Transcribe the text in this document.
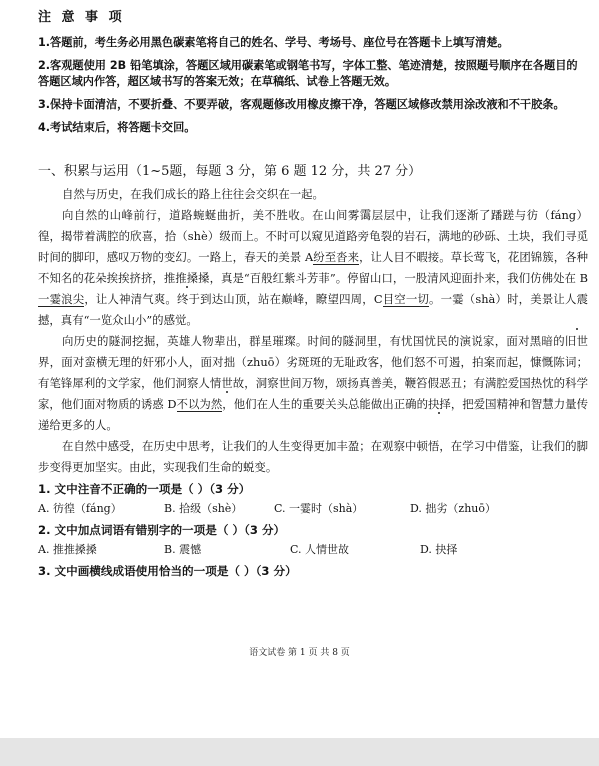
注 意 事 项

1.答题前，考生务必用黑色碳素笔将自己的姓名、学号、考场号、座位号在答题卡上填写清楚。

2.客观题使用 2B 铅笔填涂，答题区域用碳素笔或钢笔书写，字体工整、笔迹清楚，按照题号顺序在各题目的答题区域内作答，超区域书写的答案无效；在草稿纸、试卷上答题无效。

3.保持卡面清洁，不要折叠、不要弄破，客观题修改用橡皮擦干净，答题区域修改禁用涂改液和不干胶条。

4.考试结束后，将答题卡交回。

一、积累与运用（1~5题，每题 3 分，第 6 题 12 分，共 27 分）

自然与历史，在我们成长的路上往往会交织在一起。

向自然的山峰前行，道路蜿蜒曲折，美不胜收。在山间雾霭层层中，让我们逐渐了蹯蹉与彷（fáng）徨，揭带着满腔的欣喜，拾（shè）级而上。不时可以窥见道路旁龟裂的岩石，满地的砂砾、土块，我们寻觅时间的脚印，感叹万物的变幻。一路上，春天的美景 A纷至沓来，让人目不暇接。草长莺飞，花团锦簇，各种不知名的花朵挨挨挤挤，推推搡搡，真是“百般红紫斗芳菲”。停留山口，一股清风迎面扑来，我们仿佛处在 B一霎浪尖，让人神清气爽。终于到达山顶，站在巅峰，瞭望四周，C目空一切。一霎（shà）时，美景让人震撼，真有“一览众山小”的感觉。

向历史的隧洞挖掘，英雄人物辈出，群星璀璨。时间的隧洞里，有忧国忧民的演说家，面对黑暗的旧世界，面对蛮横无理的奸邪小人，面对拙（zhuō）劣斑斑的无耻政客，他们怒不可遏，拍案而起，慷慨陈词；有笔锋犀利的文学家，他们洞察人情世故，洞察世间万物，颂扬真善美，鞭笞假恶丑；有满腔爱国热忱的科学家，他们面对物质的诱惑 D不以为然，他们在人生的重要关头总能做出正确的抉择，把爱国精神和智慧力量传递给更多的人。

在自然中感受，在历史中思考，让我们的人生变得更加丰盈；在观察中顿悟，在学习中借鉴，让我们的脚步变得更加坚实。由此，实现我们生命的蜕变。

1. 文中注音不正确的一项是（ ）（3 分）

A. 彷徨（fáng）	B. 拾级（shè）	C. 一霎时（shà）	D. 拙劣（zhuō）

2. 文中加点词语有错别字的一项是（ ）（3 分）

A. 推推搡搡	B. 震憾	C. 人情世故	D. 抉择

3. 文中画横线成语使用恰当的一项是（ ）（3 分）

语文试卷 第 1 页 共 8 页
